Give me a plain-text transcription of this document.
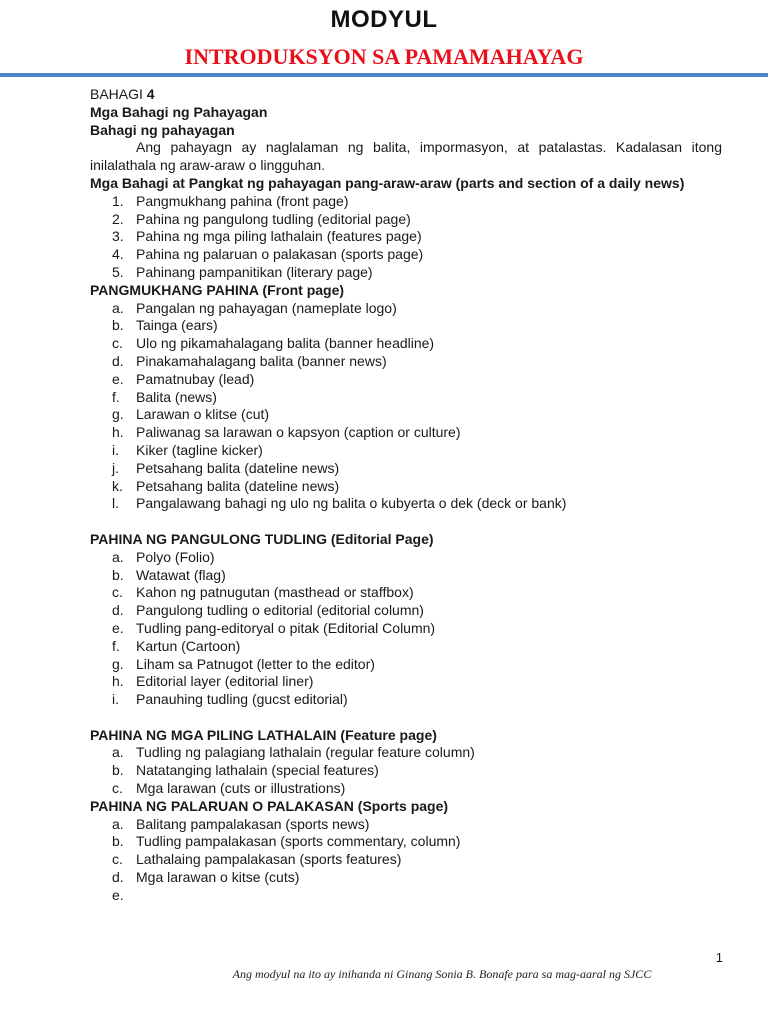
MODYUL
INTRODUKSYON SA PAMAMAHAYAG

BAHAGI 4

Mga Bahagi ng Pahayagan

Bahagi ng pahayagan

Ang pahayagn ay naglalaman ng balita, impormasyon, at patalastas. Kadalasan itong inilalathala ng araw-araw o lingguhan.

Mga Bahagi at Pangkat ng pahayagan pang-araw-araw (parts and section of a daily news)

1. Pangmukhang pahina (front page)
2. Pahina ng pangulong tudling (editorial page)
3. Pahina ng mga piling lathalain (features page)
4. Pahina ng palaruan o palakasan (sports page)
5. Pahinang pampanitikan (literary page)

PANGMUKHANG PAHINA (Front page)

a. Pangalan ng pahayagan (nameplate logo)
b. Tainga (ears)
c. Ulo ng pikamahalagang balita (banner headline)
d. Pinakamahalagang balita (banner news)
e. Pamatnubay (lead)
f. Balita (news)
g. Larawan o klitse (cut)
h. Paliwanag sa larawan o kapsyon (caption or culture)
i. Kiker (tagline kicker)
j. Petsahang balita (dateline news)
k. Petsahang balita (dateline news)
l. Pangalawang bahagi ng ulo ng balita o kubyerta o dek (deck or bank)

PAHINA NG PANGULONG TUDLING (Editorial Page)

a. Polyo (Folio)
b. Watawat (flag)
c. Kahon ng patnugutan (masthead or staffbox)
d. Pangulong tudling o editorial (editorial column)
e. Tudling pang-editoryal o pitak (Editorial Column)
f. Kartun (Cartoon)
g. Liham sa Patnugot (letter to the editor)
h. Editorial layer (editorial liner)
i. Panauhing tudling (gucst editorial)

PAHINA NG MGA PILING LATHALAIN (Feature page)

a. Tudling ng palagiang lathalain (regular feature column)
b. Natatanging lathalain (special features)
c. Mga larawan (cuts or illustrations)

PAHINA NG PALARUAN O PALAKASAN (Sports page)

a. Balitang pampalakasan (sports news)
b. Tudling pampalakasan (sports commentary, column)
c. Lathalaing pampalakasan (sports features)
d. Mga larawan o kitse (cuts)
e.
1
Ang modyul na ito ay inihanda ni Ginang Sonia B. Bonafe para sa mag-aaral ng SJCC
